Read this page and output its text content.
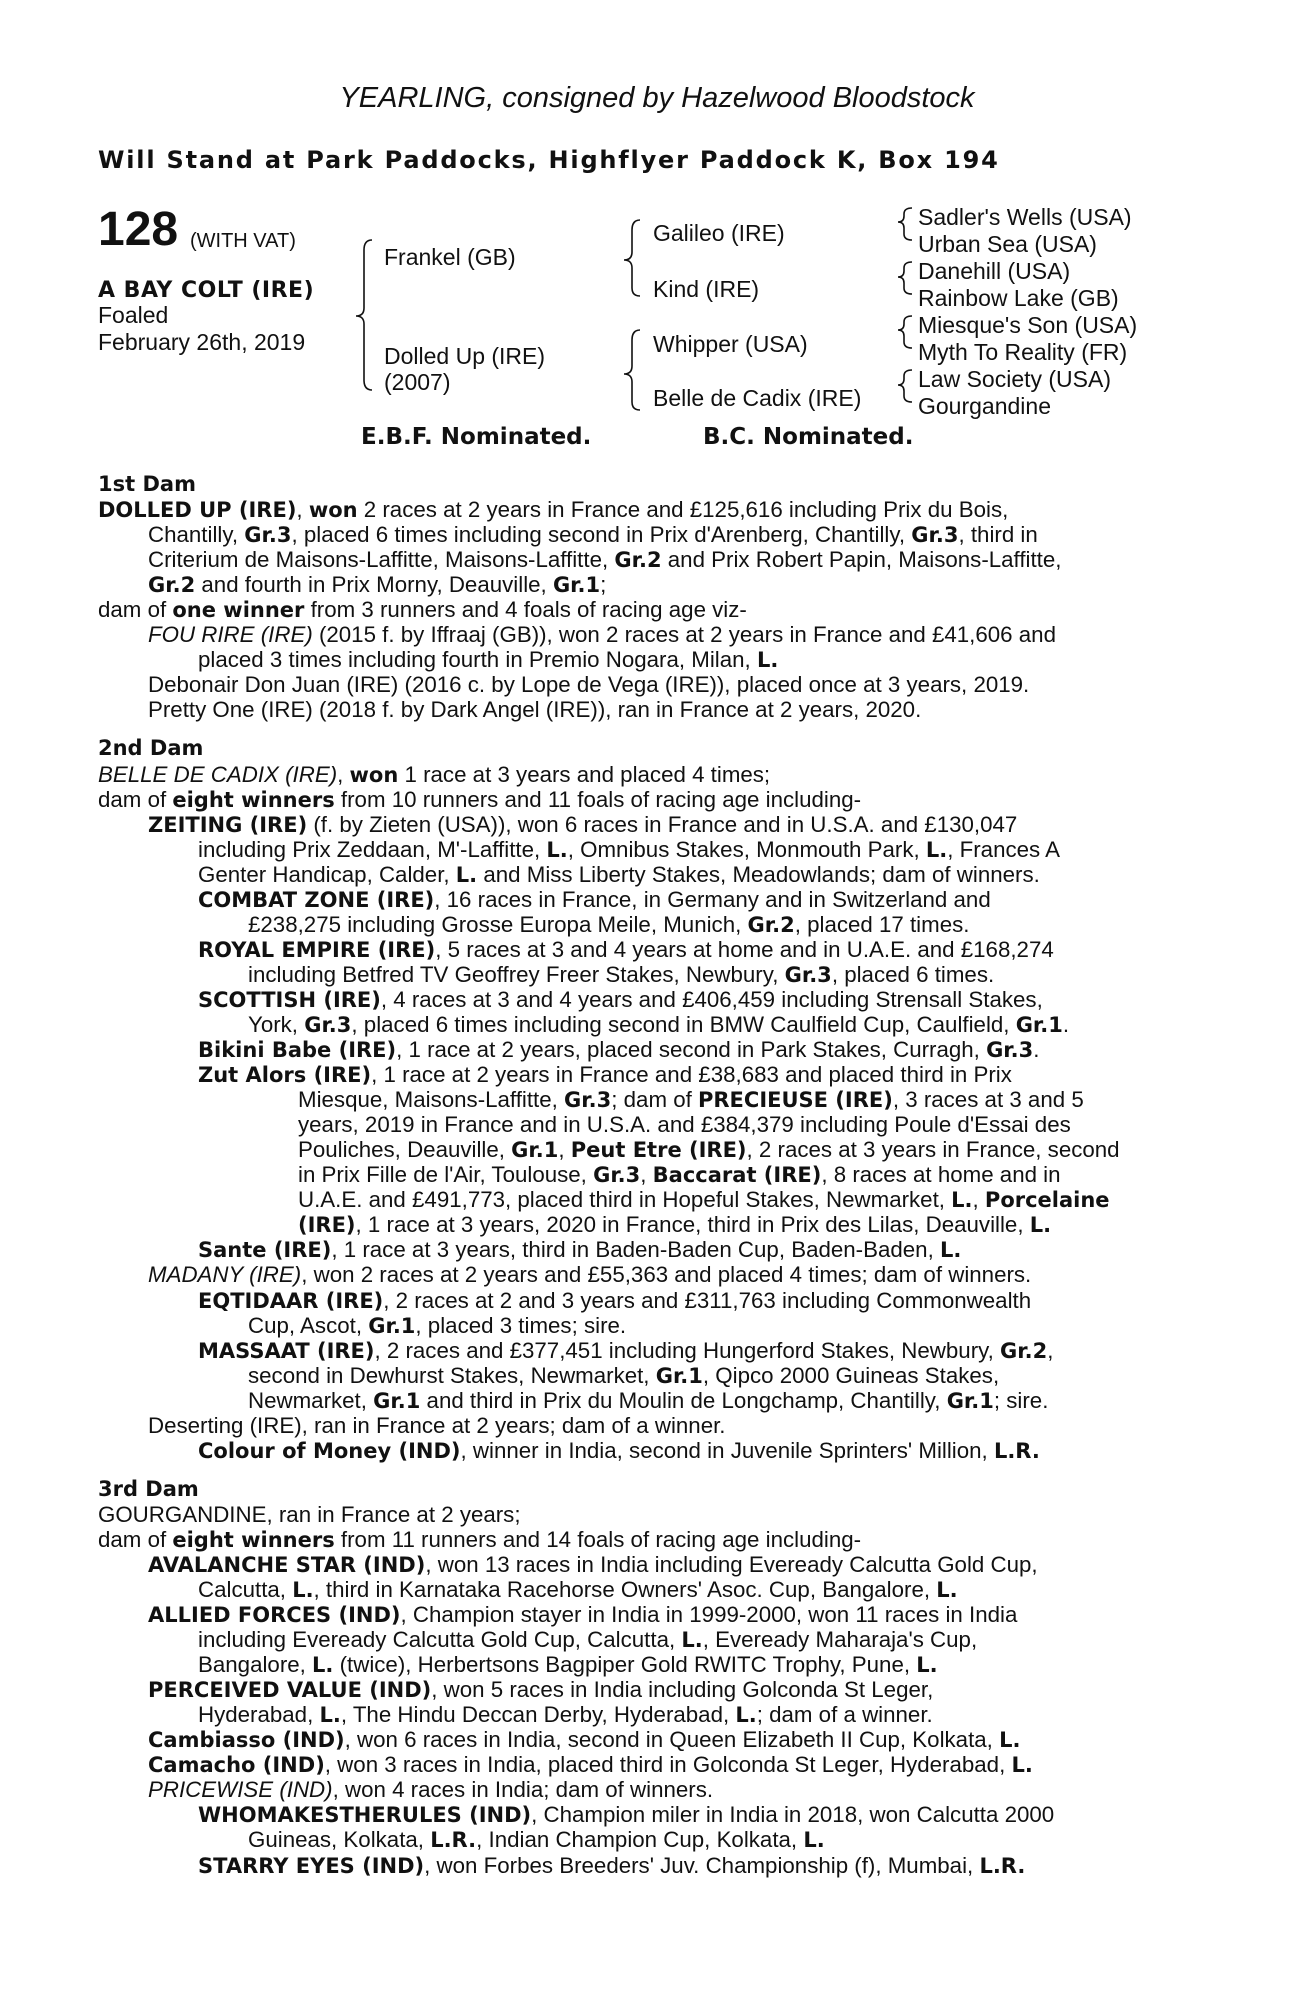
YEARLING, consigned by Hazelwood Bloodstock
Will Stand at Park Paddocks, Highflyer Paddock K, Box 194
128 (WITH VAT)
A BAY COLT (IRE)
Foaled
February 26th, 2019
Frankel (GB)
Dolled Up (IRE)
(2007)
Galileo (IRE)
Kind (IRE)
Whipper (USA)
Belle de Cadix (IRE)
Sadler's Wells (USA)
Urban Sea (USA)
Danehill (USA)
Rainbow Lake (GB)
Miesque's Son (USA)
Myth To Reality (FR)
Law Society (USA)
Gourgandine
E.B.F. Nominated.	B.C. Nominated.
1st Dam
DOLLED UP (IRE), won 2 races at 2 years in France and £125,616 including Prix du Bois,
Chantilly, Gr.3, placed 6 times including second in Prix d'Arenberg, Chantilly, Gr.3, third in
Criterium de Maisons-Laffitte, Maisons-Laffitte, Gr.2 and Prix Robert Papin, Maisons-Laffitte,
Gr.2 and fourth in Prix Morny, Deauville, Gr.1;
dam of one winner from 3 runners and 4 foals of racing age viz-
FOU RIRE (IRE) (2015 f. by Iffraaj (GB)), won 2 races at 2 years in France and £41,606 and
placed 3 times including fourth in Premio Nogara, Milan, L.
Debonair Don Juan (IRE) (2016 c. by Lope de Vega (IRE)), placed once at 3 years, 2019.
Pretty One (IRE) (2018 f. by Dark Angel (IRE)), ran in France at 2 years, 2020.
2nd Dam
BELLE DE CADIX (IRE), won 1 race at 3 years and placed 4 times;
dam of eight winners from 10 runners and 11 foals of racing age including-
ZEITING (IRE) (f. by Zieten (USA)), won 6 races in France and in U.S.A. and £130,047
including Prix Zeddaan, M'-Laffitte, L., Omnibus Stakes, Monmouth Park, L., Frances A
Genter Handicap, Calder, L. and Miss Liberty Stakes, Meadowlands; dam of winners.
COMBAT ZONE (IRE), 16 races in France, in Germany and in Switzerland and
£238,275 including Grosse Europa Meile, Munich, Gr.2, placed 17 times.
ROYAL EMPIRE (IRE), 5 races at 3 and 4 years at home and in U.A.E. and £168,274
including Betfred TV Geoffrey Freer Stakes, Newbury, Gr.3, placed 6 times.
SCOTTISH (IRE), 4 races at 3 and 4 years and £406,459 including Strensall Stakes,
York, Gr.3, placed 6 times including second in BMW Caulfield Cup, Caulfield, Gr.1.
Bikini Babe (IRE), 1 race at 2 years, placed second in Park Stakes, Curragh, Gr.3.
Zut Alors (IRE), 1 race at 2 years in France and £38,683 and placed third in Prix
Miesque, Maisons-Laffitte, Gr.3; dam of PRECIEUSE (IRE), 3 races at 3 and 5
years, 2019 in France and in U.S.A. and £384,379 including Poule d'Essai des
Pouliches, Deauville, Gr.1, Peut Etre (IRE), 2 races at 3 years in France, second
in Prix Fille de l'Air, Toulouse, Gr.3, Baccarat (IRE), 8 races at home and in
U.A.E. and £491,773, placed third in Hopeful Stakes, Newmarket, L., Porcelaine
(IRE), 1 race at 3 years, 2020 in France, third in Prix des Lilas, Deauville, L.
Sante (IRE), 1 race at 3 years, third in Baden-Baden Cup, Baden-Baden, L.
MADANY (IRE), won 2 races at 2 years and £55,363 and placed 4 times; dam of winners.
EQTIDAAR (IRE), 2 races at 2 and 3 years and £311,763 including Commonwealth
Cup, Ascot, Gr.1, placed 3 times; sire.
MASSAAT (IRE), 2 races and £377,451 including Hungerford Stakes, Newbury, Gr.2,
second in Dewhurst Stakes, Newmarket, Gr.1, Qipco 2000 Guineas Stakes,
Newmarket, Gr.1 and third in Prix du Moulin de Longchamp, Chantilly, Gr.1; sire.
Deserting (IRE), ran in France at 2 years; dam of a winner.
Colour of Money (IND), winner in India, second in Juvenile Sprinters' Million, L.R.
3rd Dam
GOURGANDINE, ran in France at 2 years;
dam of eight winners from 11 runners and 14 foals of racing age including-
AVALANCHE STAR (IND), won 13 races in India including Eveready Calcutta Gold Cup,
Calcutta, L., third in Karnataka Racehorse Owners' Asoc. Cup, Bangalore, L.
ALLIED FORCES (IND), Champion stayer in India in 1999-2000, won 11 races in India
including Eveready Calcutta Gold Cup, Calcutta, L., Eveready Maharaja's Cup,
Bangalore, L. (twice), Herbertsons Bagpiper Gold RWITC Trophy, Pune, L.
PERCEIVED VALUE (IND), won 5 races in India including Golconda St Leger,
Hyderabad, L., The Hindu Deccan Derby, Hyderabad, L.; dam of a winner.
Cambiasso (IND), won 6 races in India, second in Queen Elizabeth II Cup, Kolkata, L.
Camacho (IND), won 3 races in India, placed third in Golconda St Leger, Hyderabad, L.
PRICEWISE (IND), won 4 races in India; dam of winners.
WHOMAKESTHERULES (IND), Champion miler in India in 2018, won Calcutta 2000
Guineas, Kolkata, L.R., Indian Champion Cup, Kolkata, L.
STARRY EYES (IND), won Forbes Breeders' Juv. Championship (f), Mumbai, L.R.
